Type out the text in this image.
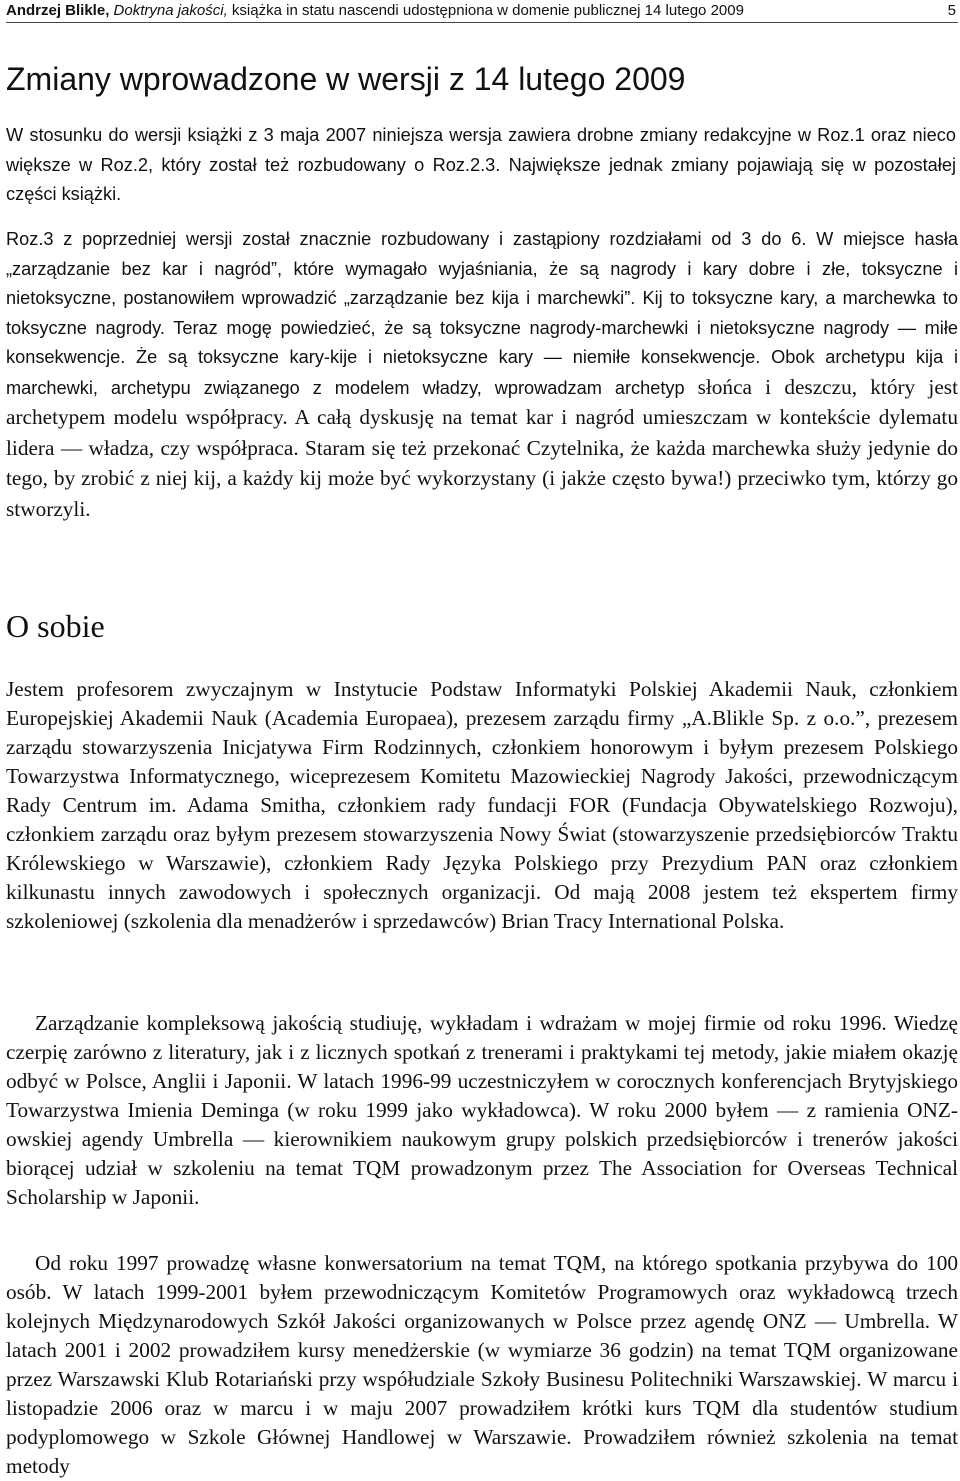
Andrzej Blikle, Doktryna jakości, książka in statu nascendi udostępniona w domenie publicznej 14 lutego 2009	5
Zmiany wprowadzone w wersji z 14 lutego 2009

W stosunku do wersji książki z 3 maja 2007 niniejsza wersja zawiera drobne zmiany redakcyjne w Roz.1 oraz nieco większe w Roz.2, który został też rozbudowany o Roz.2.3. Największe jednak zmiany pojawiają się w pozostałej części książki.

Roz.3 z poprzedniej wersji został znacznie rozbudowany i zastąpiony rozdziałami od 3 do 6. W miejsce hasła „zarządzanie bez kar i nagród”, które wymagało wyjaśniania, że są nagrody i kary dobre i złe, toksyczne i nietoksyczne, postanowiłem wprowadzić „zarządzanie bez kija i marchewki”. Kij to toksyczne kary, a marchewka to toksyczne nagrody. Teraz mogę powiedzieć, że są toksyczne nagrody-marchewki i nietoksyczne nagrody — miłe konsekwencje. Że są toksyczne kary-kije i nietoksyczne kary — niemiłe konsekwencje. Obok archetypu kija i marchewki, archetypu związanego z modelem władzy, wprowadzam archetyp słońca i deszczu, który jest archetypem modelu współpracy. A całą dyskusję na temat kar i nagród umieszczam w kontekście dylematu lidera — władza, czy współpraca. Staram się też przekonać Czytelnika, że każda marchewka służy jedynie do tego, by zrobić z niej kij, a każdy kij może być wykorzystany (i jakże często bywa!) przeciwko tym, którzy go stworzyli.

O sobie

Jestem profesorem zwyczajnym w Instytucie Podstaw Informatyki Polskiej Akademii Nauk, członkiem Europejskiej Akademii Nauk (Academia Europaea), prezesem zarządu firmy „A.Blikle Sp. z o.o.”, prezesem zarządu stowarzyszenia Inicjatywa Firm Rodzinnych, członkiem honorowym i byłym prezesem Polskiego Towarzystwa Informatycznego, wiceprezesem Komitetu Mazowieckiej Nagrody Jakości, przewodniczącym Rady Centrum im. Adama Smitha, członkiem rady fundacji FOR (Fundacja Obywatelskiego Rozwoju), członkiem zarządu oraz byłym prezesem stowarzyszenia Nowy Świat (stowarzyszenie przedsiębiorców Traktu Królewskiego w Warszawie), członkiem Rady Języka Polskiego przy Prezydium PAN oraz członkiem kilkunastu innych zawodowych i społecznych organizacji. Od mają 2008 jestem też ekspertem firmy szkoleniowej (szkolenia dla menadżerów i sprzedawców) Brian Tracy International Polska.

Zarządzanie kompleksową jakością studiuję, wykładam i wdrażam w mojej firmie od roku 1996. Wiedzę czerpię zarówno z literatury, jak i z licznych spotkań z trenerami i praktykami tej metody, jakie miałem okazję odbyć w Polsce, Anglii i Japonii. W latach 1996-99 uczestniczyłem w corocznych konferencjach Brytyjskiego Towarzystwa Imienia Deminga (w roku 1999 jako wykładowca). W roku 2000 byłem — z ramienia ONZ-owskiej agendy Umbrella — kierownikiem naukowym grupy polskich przedsiębiorców i trenerów jakości biorącej udział w szkoleniu na temat TQM prowadzonym przez The Association for Overseas Technical Scholarship w Japonii.

Od roku 1997 prowadzę własne konwersatorium na temat TQM, na którego spotkania przybywa do 100 osób. W latach 1999-2001 byłem przewodniczącym Komitetów Programowych oraz wykładowcą trzech kolejnych Międzynarodowych Szkół Jakości organizowanych w Polsce przez agendę ONZ — Umbrella. W latach 2001 i 2002 prowadziłem kursy menedżerskie (w wymiarze 36 godzin) na temat TQM organizowane przez Warszawski Klub Rotariański przy współudziale Szkoły Businesu Politechniki Warszawskiej. W marcu i listopadzie 2006 oraz w marcu i w maju 2007 prowadziłem krótki kurs TQM dla studentów studium podyplomowego w Szkole Głównej Handlowej w Warszawie. Prowadziłem również szkolenia na temat metody
